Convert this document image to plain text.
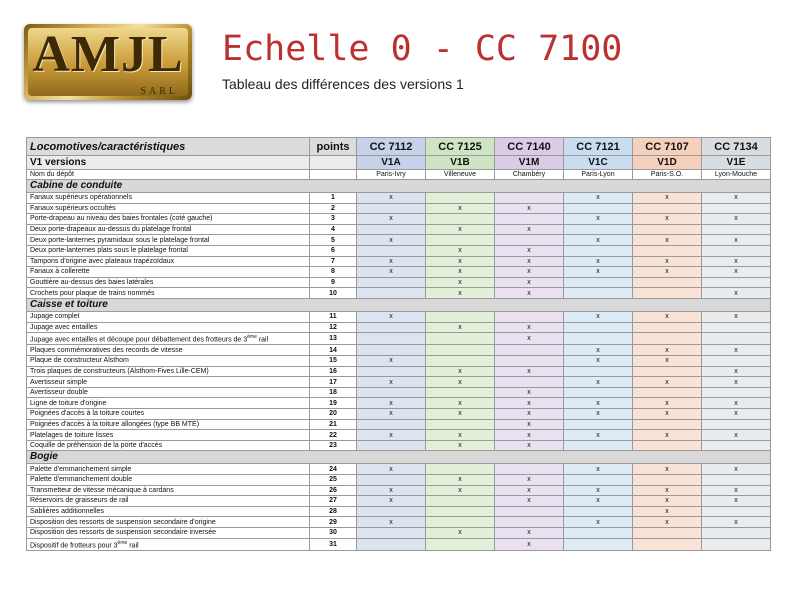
AMJL
SARL
Echelle 0 - CC 7100
Tableau des différences des versions 1
Locomotives/caractéristiques	points	CC 7112	CC 7125	CC 7140	CC 7121	CC 7107	CC 7134
V1 versions		V1A	V1B	V1M	V1C	V1D	V1E
Nom du dépôt		Paris-Ivry	Villeneuve	Chambéry	Paris-Lyon	Paris-S.O.	Lyon-Mouche
Cabine de conduite							
Fanaux supérieurs opérationnels	1	x			x	x	x
Fanaux supérieurs occultés	2		x	x			
Porte-drapeau au niveau des baies frontales (coté gauche)	3	x			x	x	x
Deux porte-drapeaux au-dessus du platelage frontal	4		x	x			
Deux porte-lanternes pyramidaux sous le platelage frontal	5	x			x	x	x
Deux porte-lanternes plats sous le platelage frontal	6		x	x			
Tampons d'origine avec plateaux trapézoïdaux	7	x	x	x	x	x	x
Fanaux à collerette	8	x	x	x	x	x	x
Gouttière au-dessus des baies latérales	9		x	x			
Crochets pour plaque de trains nommés	10		x	x			x
Caisse et toiture							
Jupage complet	11	x			x	x	x
Jupage avec entailles	12		x	x			
Jupage avec entailles et découpe pour débattement des frotteurs de 3ème rail	13			x			
Plaques commémoratives des records de vitesse	14				x	x	x
Plaque de constructeur Alsthom	15	x			x	x	
Trois plaques de constructeurs (Alsthom-Fives Lille-CEM)	16		x	x			x
Avertisseur simple	17	x	x		x	x	x
Avertisseur double	18			x			
Ligne de toiture d'origine	19	x	x	x	x	x	x
Poignées d'accès à la toiture courtes	20	x	x	x	x	x	x
Poignées d'accès à la toiture allongées (type BB MTE)	21			x			
Platelages de toiture lisses	22	x	x	x	x	x	x
Coquille de préhension de la porte d'accès	23		x	x			
Bogie							
Palette d'emmanchement simple	24	x			x	x	x
Palette d'emmanchement double	25		x	x			
Transmetteur de vitesse mécanique à cardans	26	x	x	x	x	x	x
Réservoirs de graisseurs de rail	27	x		x	x	x	x
Sablières additionnelles	28					x	
Disposition des ressorts de suspension secondaire d'origine	29	x			x	x	x
Disposition des ressorts de suspension secondaire inversée	30		x	x			
Dispositif de frotteurs pour 3ème rail	31			x			
